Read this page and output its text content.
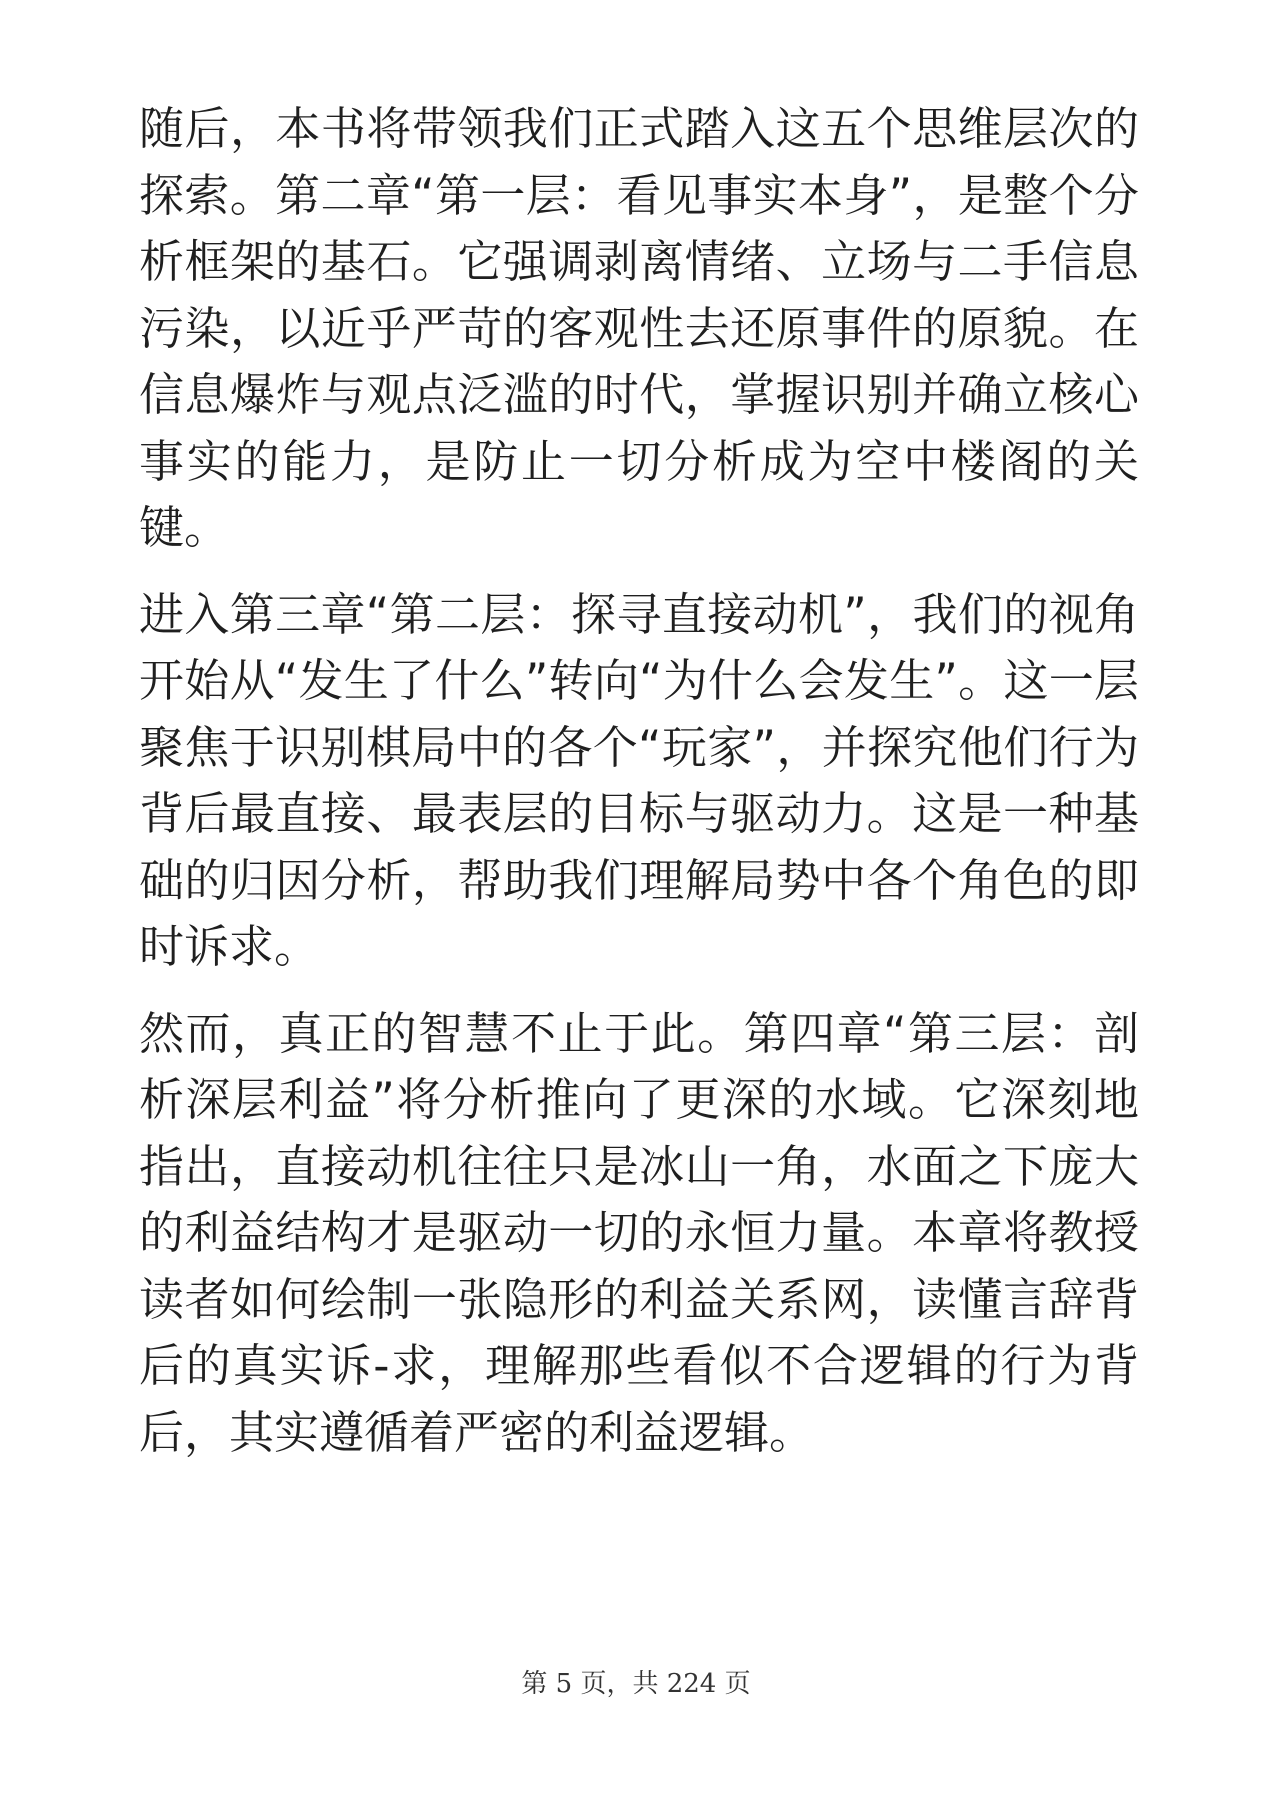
随后，本书将带领我们正式踏入这五个思维层次的探索。第二章“第一层：看见事实本身”，是整个分析框架的基石。它强调剥离情绪、立场与二手信息污染，以近乎严苛的客观性去还原事件的原貌。在信息爆炸与观点泛滥的时代，掌握识别并确立核心事实的能力，是防止一切分析成为空中楼阁的关键。

进入第三章“第二层：探寻直接动机”，我们的视角开始从“发生了什么”转向“为什么会发生”。这一层聚焦于识别棋局中的各个“玩家”，并探究他们行为背后最直接、最表层的目标与驱动力。这是一种基础的归因分析，帮助我们理解局势中各个角色的即时诉求。

然而，真正的智慧不止于此。第四章“第三层：剖析深层利益”将分析推向了更深的水域。它深刻地指出，直接动机往往只是冰山一角，水面之下庞大的利益结构才是驱动一切的永恒力量。本章将教授读者如何绘制一张隐形的利益关系网，读懂言辞背后的真实诉-求，理解那些看似不合逻辑的行为背后，其实遵循着严密的利益逻辑。

第 5 页，共 224 页
